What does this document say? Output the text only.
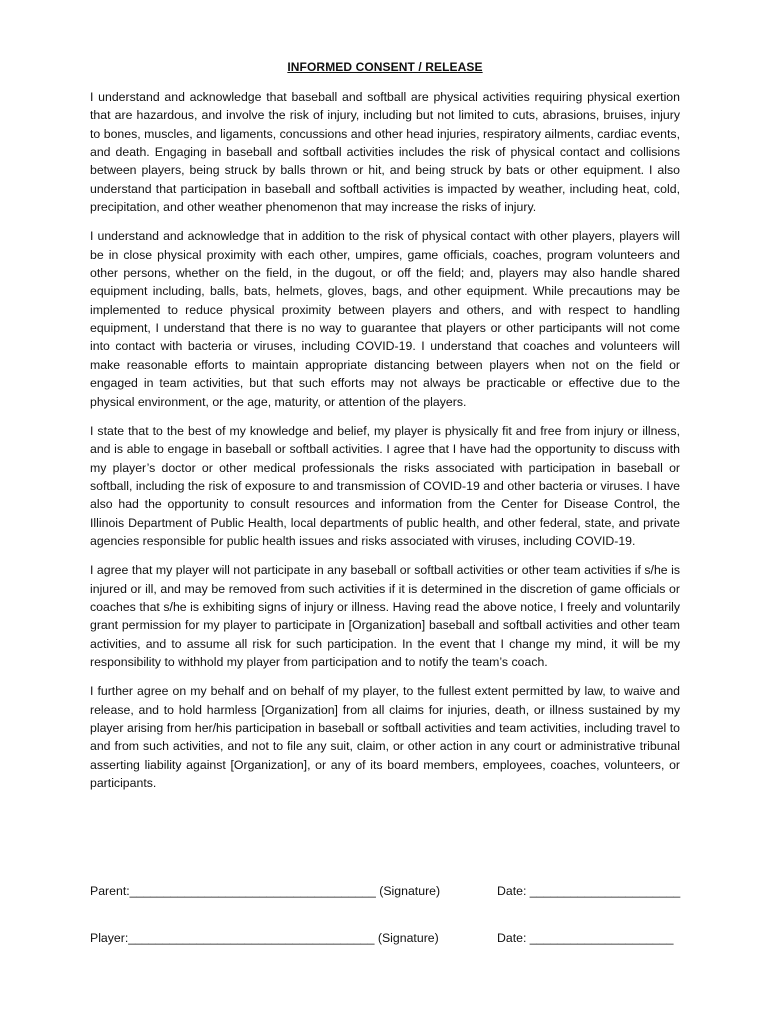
INFORMED CONSENT / RELEASE

I understand and acknowledge that baseball and softball are physical activities requiring physical exertion that are hazardous, and involve the risk of injury, including but not limited to cuts, abrasions, bruises, injury to bones, muscles, and ligaments, concussions and other head injuries, respiratory ailments, cardiac events, and death. Engaging in baseball and softball activities includes the risk of physical contact and collisions between players, being struck by balls thrown or hit, and being struck by bats or other equipment. I also understand that participation in baseball and softball activities is impacted by weather, including heat, cold, precipitation, and other weather phenomenon that may increase the risks of injury.

I understand and acknowledge that in addition to the risk of physical contact with other players, players will be in close physical proximity with each other, umpires, game officials, coaches, program volunteers and other persons, whether on the field, in the dugout, or off the field; and, players may also handle shared equipment including, balls, bats, helmets, gloves, bags, and other equipment. While precautions may be implemented to reduce physical proximity between players and others, and with respect to handling equipment, I understand that there is no way to guarantee that players or other participants will not come into contact with bacteria or viruses, including COVID-19. I understand that coaches and volunteers will make reasonable efforts to maintain appropriate distancing between players when not on the field or engaged in team activities, but that such efforts may not always be practicable or effective due to the physical environment, or the age, maturity, or attention of the players.

I state that to the best of my knowledge and belief, my player is physically fit and free from injury or illness, and is able to engage in baseball or softball activities. I agree that I have had the opportunity to discuss with my player’s doctor or other medical professionals the risks associated with participation in baseball or softball, including the risk of exposure to and transmission of COVID-19 and other bacteria or viruses. I have also had the opportunity to consult resources and information from the Center for Disease Control, the Illinois Department of Public Health, local departments of public health, and other federal, state, and private agencies responsible for public health issues and risks associated with viruses, including COVID-19.

I agree that my player will not participate in any baseball or softball activities or other team activities if s/he is injured or ill, and may be removed from such activities if it is determined in the discretion of game officials or coaches that s/he is exhibiting signs of injury or illness. Having read the above notice, I freely and voluntarily grant permission for my player to participate in [Organization] baseball and softball activities and other team activities, and to assume all risk for such participation. In the event that I change my mind, it will be my responsibility to withhold my player from participation and to notify the team’s coach.

I further agree on my behalf and on behalf of my player, to the fullest extent permitted by law, to waive and release, and to hold harmless [Organization] from all claims for injuries, death, or illness sustained by my player arising from her/his participation in baseball or softball activities and team activities, including travel to and from such activities, and not to file any suit, claim, or other action in any court or administrative tribunal asserting liability against [Organization], or any of its board members, employees, coaches, volunteers, or participants.

Parent:____________________________________ (Signature)	Date: ______________________
Player:____________________________________ (Signature)	Date: _____________________
